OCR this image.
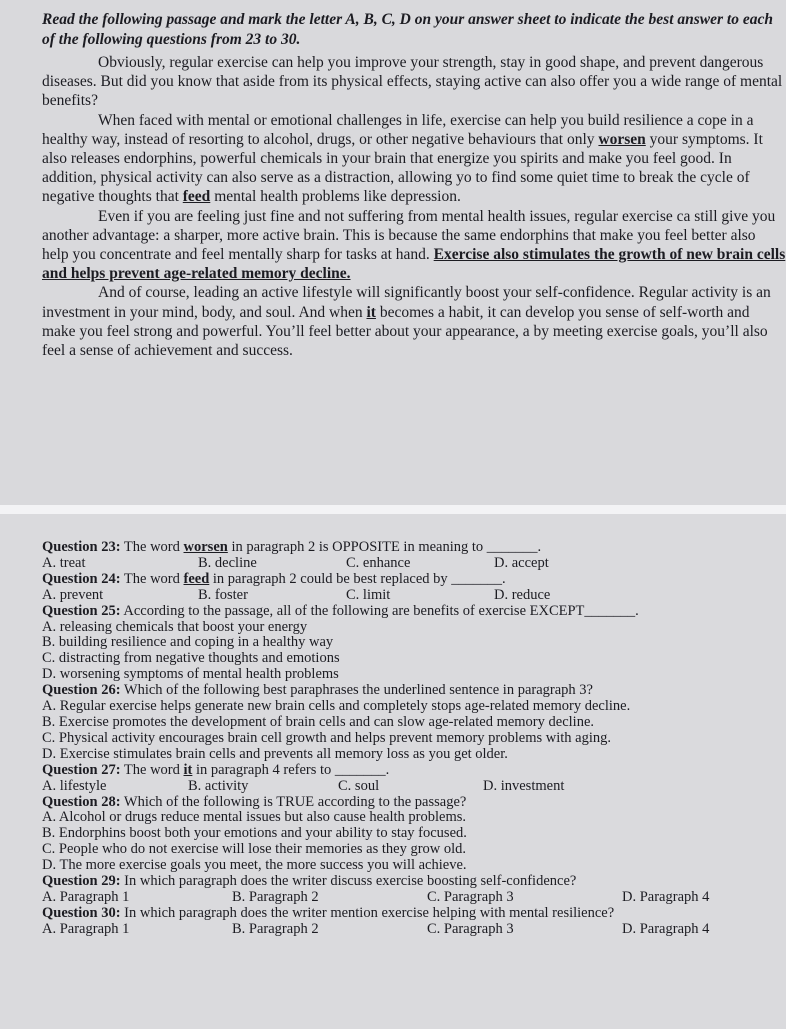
Read the following passage and mark the letter A, B, C, D on your answer sheet to indicate the best answer to each of the following questions from 23 to 30.

Obviously, regular exercise can help you improve your strength, stay in good shape, and prevent dangerous diseases. But did you know that aside from its physical effects, staying active can also offer you a wide range of mental benefits?

When faced with mental or emotional challenges in life, exercise can help you build resilience a cope in a healthy way, instead of resorting to alcohol, drugs, or other negative behaviours that only worsen your symptoms. It also releases endorphins, powerful chemicals in your brain that energize you spirits and make you feel good. In addition, physical activity can also serve as a distraction, allowing yo to find some quiet time to break the cycle of negative thoughts that feed mental health problems like depression.

Even if you are feeling just fine and not suffering from mental health issues, regular exercise ca still give you another advantage: a sharper, more active brain. This is because the same endorphins that make you feel better also help you concentrate and feel mentally sharp for tasks at hand. Exercise also stimulates the growth of new brain cells and helps prevent age-related memory decline.

And of course, leading an active lifestyle will significantly boost your self-confidence. Regular activity is an investment in your mind, body, and soul. And when it becomes a habit, it can develop you sense of self-worth and make you feel strong and powerful. You’ll feel better about your appearance, a by meeting exercise goals, you’ll also feel a sense of achievement and success.

Question 23: The word worsen in paragraph 2 is OPPOSITE in meaning to _______.

A. treat	B. decline	C. enhance	D. accept

Question 24: The word feed in paragraph 2 could be best replaced by _______.

A. prevent	B. foster	C. limit	D. reduce

Question 25: According to the passage, all of the following are benefits of exercise EXCEPT_______.

A. releasing chemicals that boost your energy

B. building resilience and coping in a healthy way

C. distracting from negative thoughts and emotions

D. worsening symptoms of mental health problems

Question 26: Which of the following best paraphrases the underlined sentence in paragraph 3?

A. Regular exercise helps generate new brain cells and completely stops age-related memory decline.

B. Exercise promotes the development of brain cells and can slow age-related memory decline.

C. Physical activity encourages brain cell growth and helps prevent memory problems with aging.

D. Exercise stimulates brain cells and prevents all memory loss as you get older.

Question 27: The word it in paragraph 4 refers to _______.

A. lifestyle	B. activity	C. soul	D. investment

Question 28: Which of the following is TRUE according to the passage?

A. Alcohol or drugs reduce mental issues but also cause health problems.

B. Endorphins boost both your emotions and your ability to stay focused.

C. People who do not exercise will lose their memories as they grow old.

D. The more exercise goals you meet, the more success you will achieve.

Question 29: In which paragraph does the writer discuss exercise boosting self-confidence?

A. Paragraph 1	B. Paragraph 2	C. Paragraph 3	D. Paragraph 4

Question 30: In which paragraph does the writer mention exercise helping with mental resilience?

A. Paragraph 1	B. Paragraph 2	C. Paragraph 3	D. Paragraph 4
